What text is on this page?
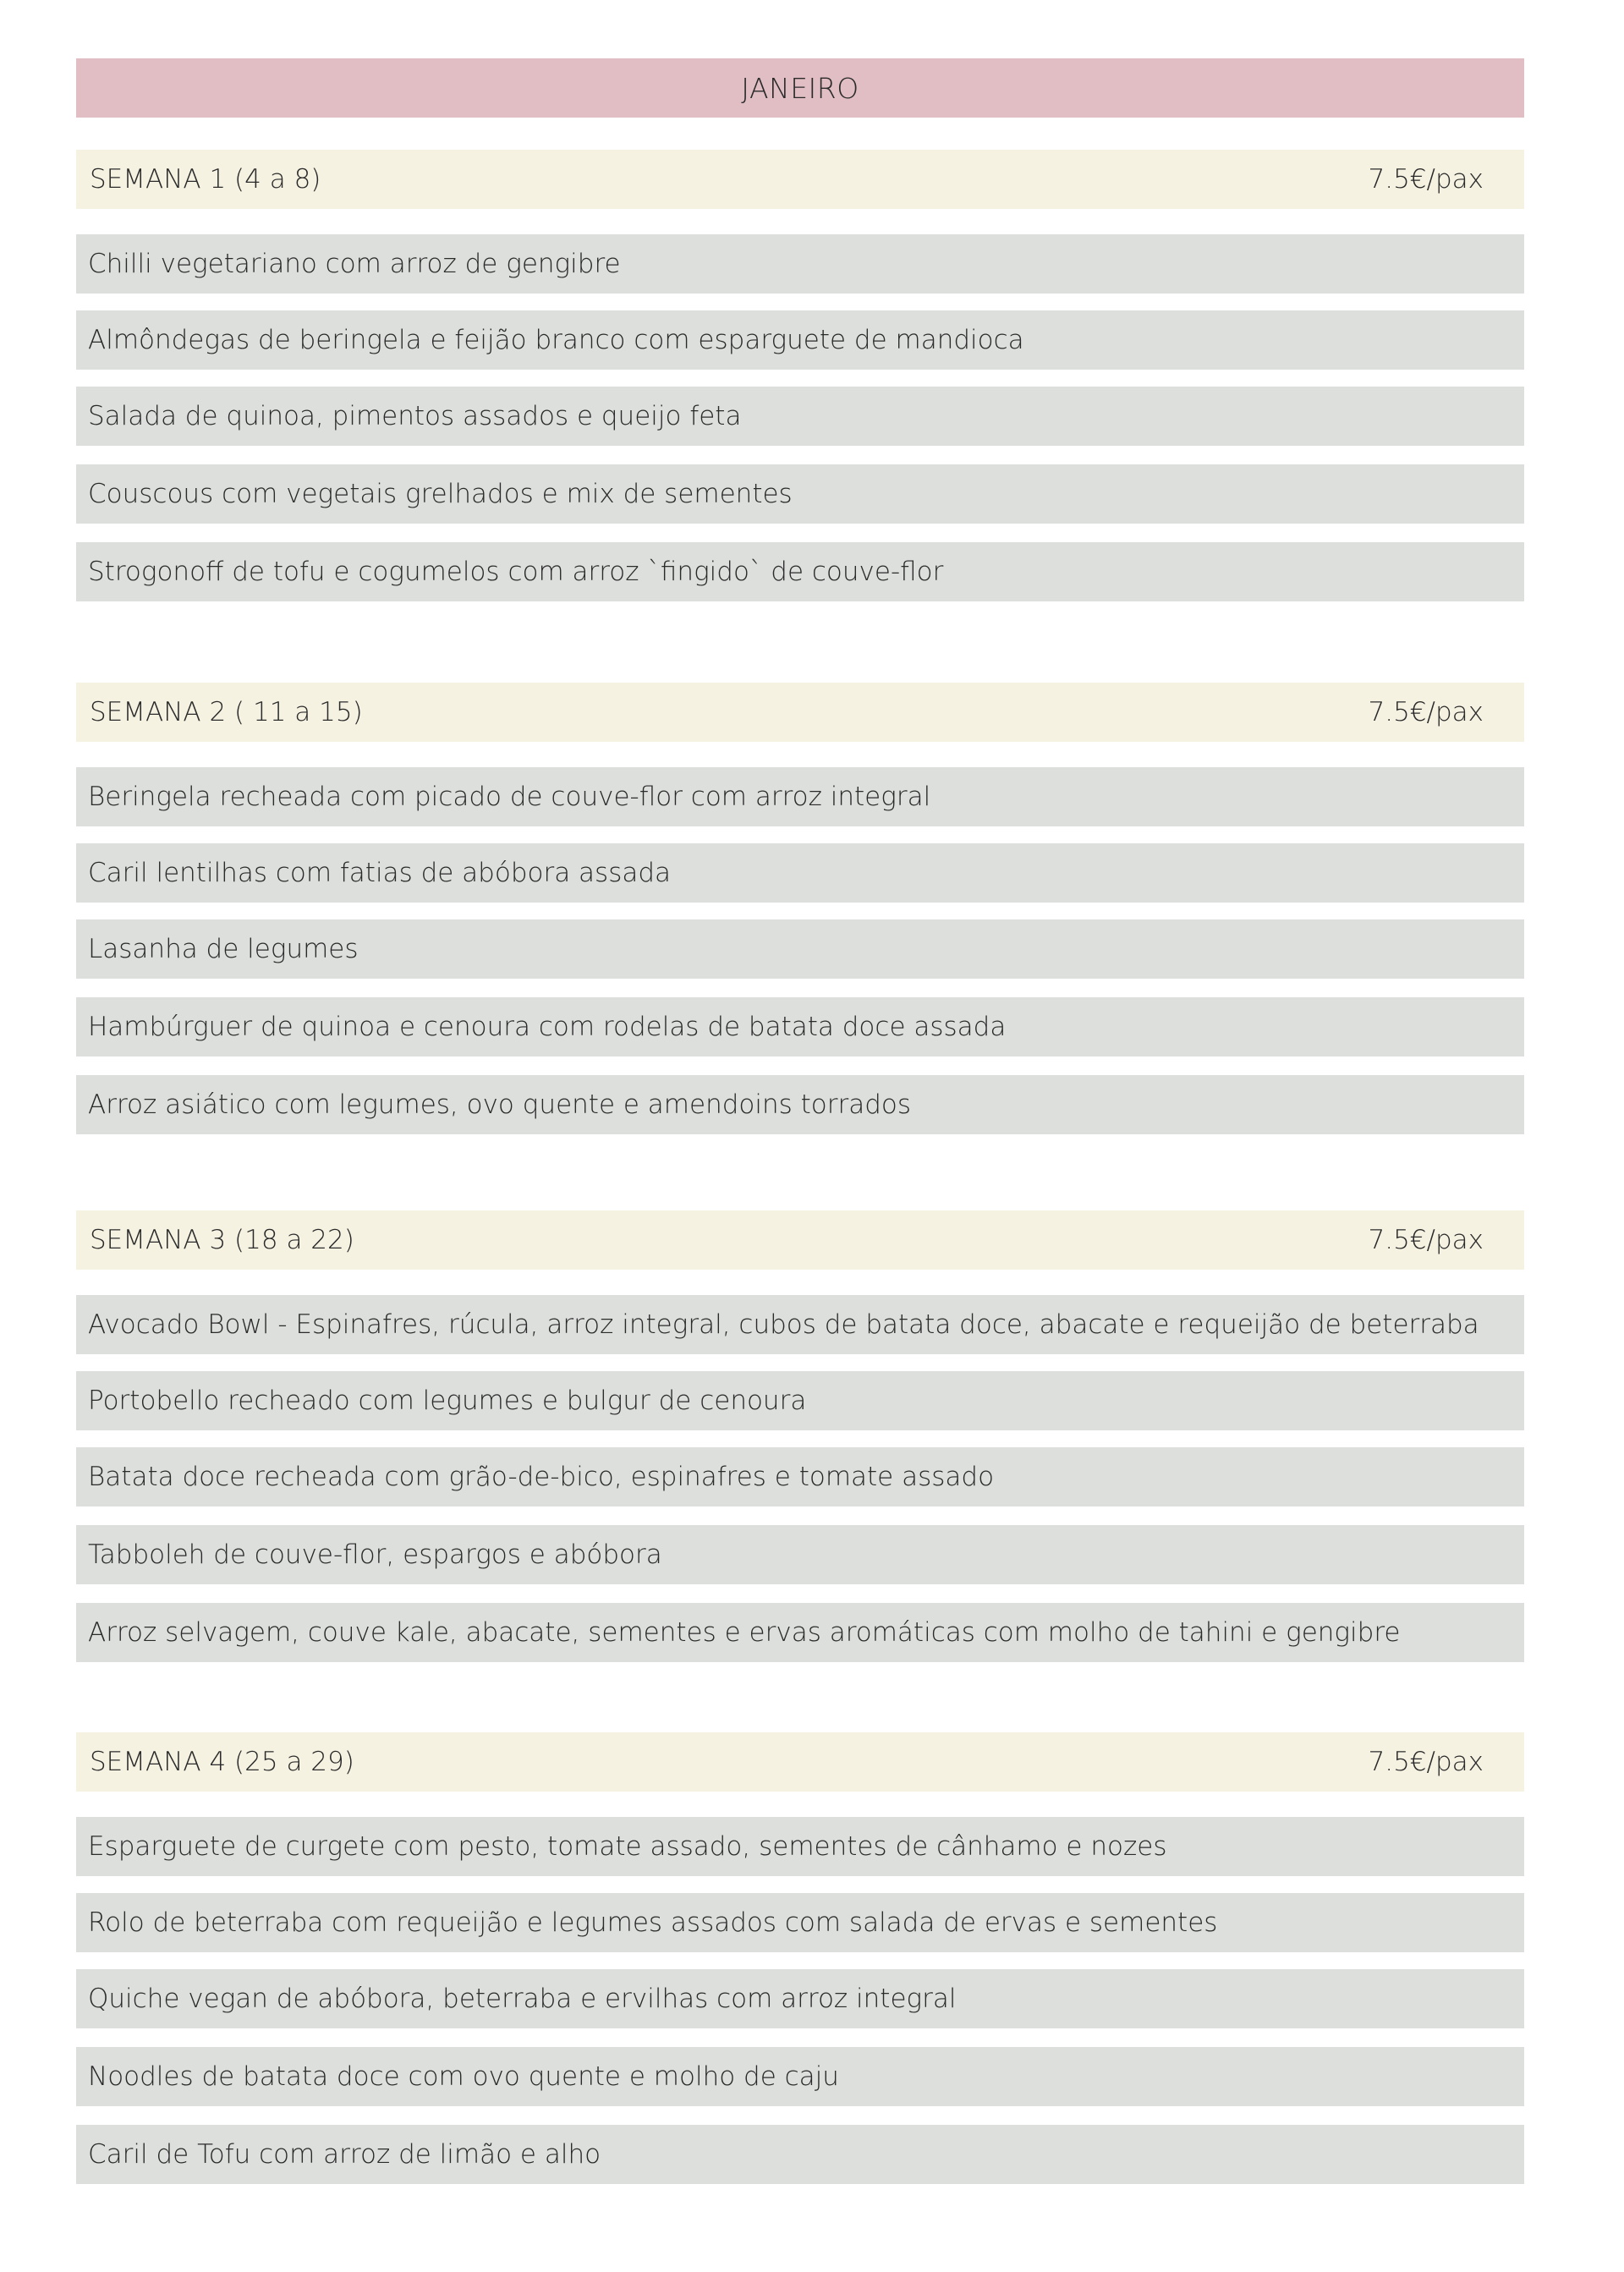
JANEIRO
SEMANA 1 (4 a 8)	7.5€/pax
Chilli vegetariano com arroz de gengibre
Almôndegas de beringela e feijão branco com esparguete de mandioca
Salada de quinoa, pimentos assados e queijo feta
Couscous com vegetais grelhados e mix de sementes
Strogonoff de tofu e cogumelos com arroz `fingido` de couve-flor
SEMANA 2 ( 11 a 15)	7.5€/pax
Beringela recheada com picado de couve-flor com arroz integral
Caril lentilhas com fatias de abóbora assada
Lasanha de legumes
Hambúrguer de quinoa e cenoura com rodelas de batata doce assada
Arroz asiático com legumes, ovo quente e amendoins torrados
SEMANA 3 (18 a 22)	7.5€/pax
Avocado Bowl - Espinafres, rúcula, arroz integral, cubos de batata doce, abacate e requeijão de beterraba
Portobello recheado com legumes e bulgur de cenoura
Batata doce recheada com grão-de-bico, espinafres e tomate assado
Tabboleh de couve-flor, espargos e abóbora
Arroz selvagem, couve kale, abacate, sementes e ervas aromáticas com molho de tahini e gengibre
SEMANA 4 (25 a 29)	7.5€/pax
Esparguete de curgete com pesto, tomate assado, sementes de cânhamo e nozes
Rolo de beterraba com requeijão e legumes assados com salada de ervas e sementes
Quiche vegan de abóbora, beterraba e ervilhas com arroz integral
Noodles de batata doce com ovo quente e molho de caju
Caril de Tofu com arroz de limão e alho
